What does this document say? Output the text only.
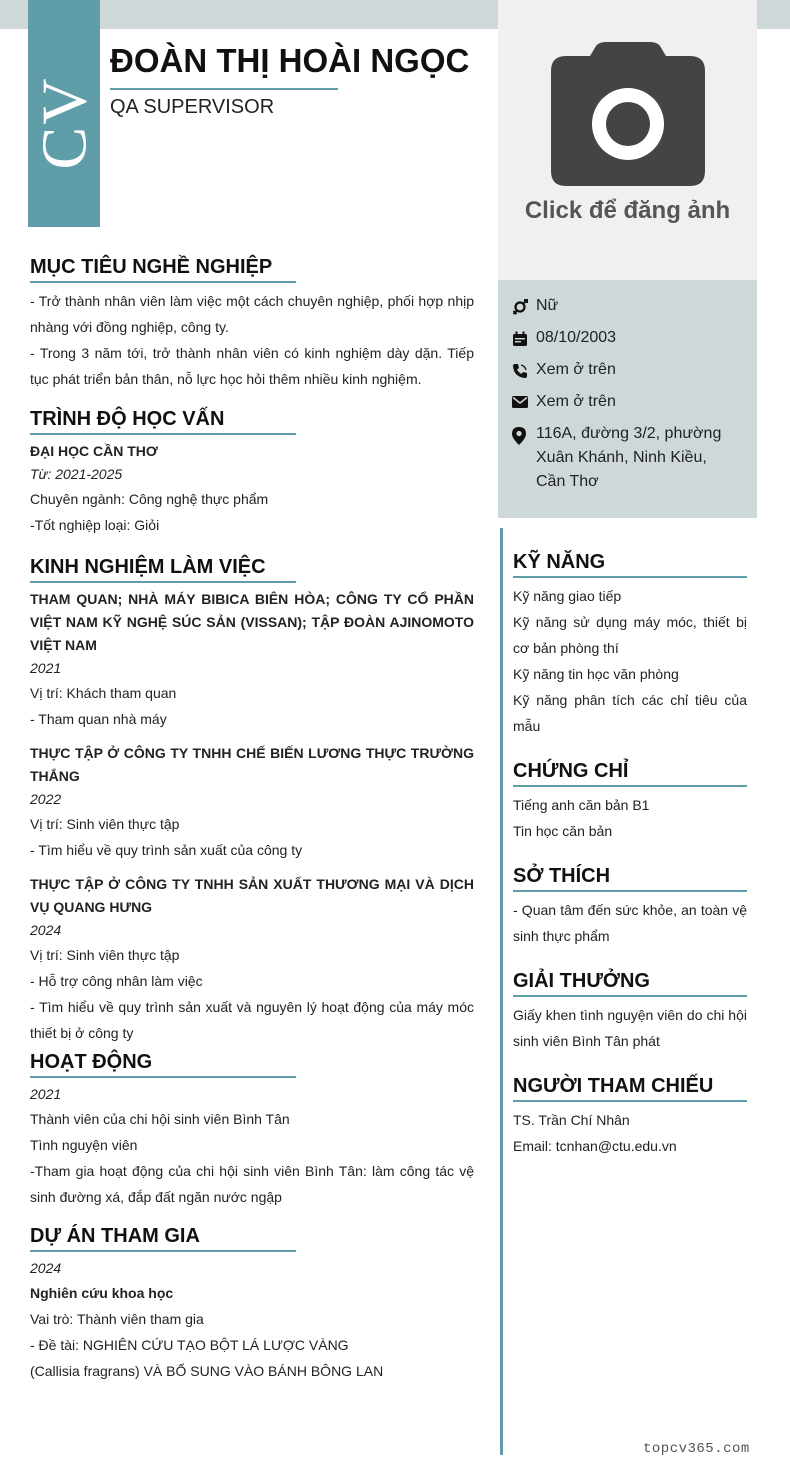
CV
ĐOÀN THỊ HOÀI NGỌC
QA SUPERVISOR
Click để đăng ảnh
Nữ
08/10/2003
Xem ở trên
Xem ở trên
116A, đường 3/2, phường Xuân Khánh, Ninh Kiều, Cần Thơ
MỤC TIÊU NGHỀ NGHIỆP

- Trở thành nhân viên làm việc một cách chuyên nghiệp, phối hợp nhịp nhàng với đồng nghiệp, công ty.

- Trong 3 năm tới, trở thành nhân viên có kinh nghiệm dày dặn. Tiếp tục phát triển bản thân, nỗ lực học hỏi thêm nhiều kinh nghiệm.

TRÌNH ĐỘ HỌC VẤN

ĐẠI HỌC CẦN THƠ

Từ: 2021-2025

Chuyên ngành: Công nghệ thực phẩm

-Tốt nghiệp loại: Giỏi

KINH NGHIỆM LÀM VIỆC

THAM QUAN; NHÀ MÁY BIBICA BIÊN HÒA; CÔNG TY CỔ PHẦN VIỆT NAM KỸ NGHỆ SÚC SẢN (VISSAN); TẬP ĐOÀN AJINOMOTO VIỆT NAM

2021

Vị trí: Khách tham quan

- Tham quan nhà máy

THỰC TẬP Ở CÔNG TY TNHH CHẾ BIẾN LƯƠNG THỰC TRƯỜNG THẮNG

2022

Vị trí: Sinh viên thực tập

- Tìm hiểu về quy trình sản xuất của công ty

THỰC TẬP Ở CÔNG TY TNHH SẢN XUẤT THƯƠNG MẠI VÀ DỊCH VỤ QUANG HƯNG

2024

Vị trí: Sinh viên thực tập

- Hỗ trợ công nhân làm việc

- Tìm hiểu về quy trình sản xuất và nguyên lý hoạt động của máy móc thiết bị ở công ty

HOẠT ĐỘNG

2021

Thành viên của chi hội sinh viên Bình Tân

Tình nguyện viên

-Tham gia hoạt động của chi hội sinh viên Bình Tân: làm công tác vệ sinh đường xá, đắp đất ngăn nước ngập

DỰ ÁN THAM GIA

2024

Nghiên cứu khoa học

Vai trò: Thành viên tham gia

- Đề tài: NGHIÊN CỨU TẠO BỘT LÁ LƯỢC VÀNG

(Callisia fragrans) VÀ BỔ SUNG VÀO BÁNH BÔNG LAN

KỸ NĂNG

Kỹ năng giao tiếp

Kỹ năng sử dụng máy móc, thiết bị cơ bản phòng thí

Kỹ năng tin học văn phòng

Kỹ năng phân tích các chỉ tiêu của mẫu

CHỨNG CHỈ

Tiếng anh căn bản B1

Tin học căn bản

SỞ THÍCH

- Quan tâm đến sức khỏe, an toàn vệ sinh thực phẩm

GIẢI THƯỞNG

Giấy khen tình nguyện viên do chi hội sinh viên Bình Tân phát

NGƯỜI THAM CHIẾU

TS. Trần Chí Nhân

Email: tcnhan@ctu.edu.vn

topcv365.com
